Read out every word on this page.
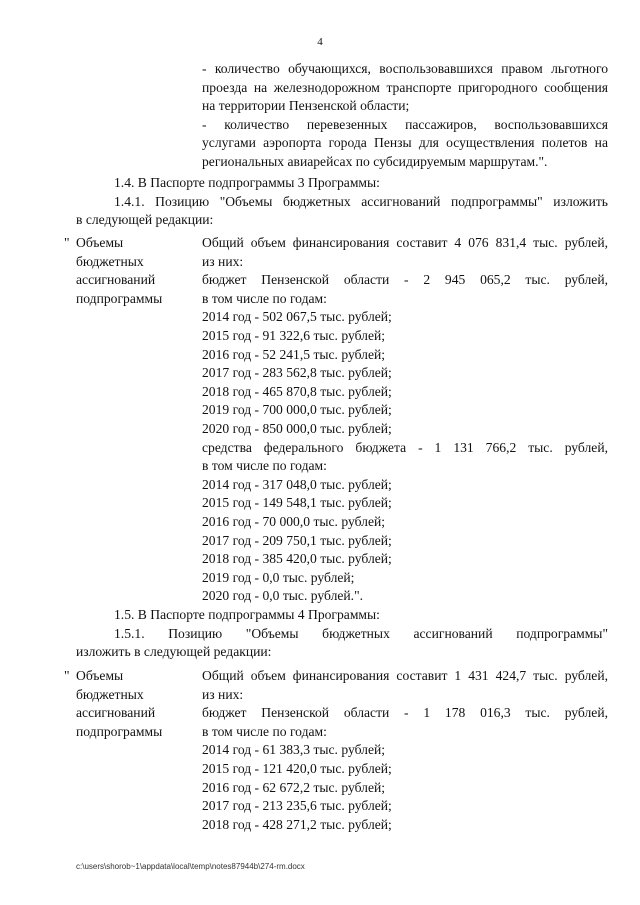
4

- количество обучающихся, воспользовавшихся правом льготного проезда на железнодорожном транспорте пригородного сообщения на территории Пензенской области;

- количество перевезенных пассажиров, воспользовавшихся услугами аэропорта города Пензы для осуществления полетов на региональных авиарейсах по субсидируемым маршрутам.".

1.4. В Паспорте подпрограммы 3 Программы:

1.4.1. Позицию "Объемы бюджетных ассигнований подпрограммы" изложить

в следующей редакции:

" Объемы
бюджетных
ассигнований
подпрограммы
Общий объем финансирования составит 4 076 831,4 тыс. рублей,
из них:
бюджет Пензенской области - 2 945 065,2 тыс. рублей,
в том числе по годам:
2014 год - 502 067,5 тыс. рублей;
2015 год - 91 322,6 тыс. рублей;
2016 год - 52 241,5 тыс. рублей;
2017 год - 283 562,8 тыс. рублей;
2018 год - 465 870,8 тыс. рублей;
2019 год - 700 000,0 тыс. рублей;
2020 год - 850 000,0 тыс. рублей;
средства федерального бюджета - 1 131 766,2 тыс. рублей,
в том числе по годам:
2014 год - 317 048,0 тыс. рублей;
2015 год - 149 548,1 тыс. рублей;
2016 год - 70 000,0 тыс. рублей;
2017 год - 209 750,1 тыс. рублей;
2018 год - 385 420,0 тыс. рублей;
2019 год - 0,0 тыс. рублей;
2020 год - 0,0 тыс. рублей.".

1.5. В Паспорте подпрограммы 4 Программы:

1.5.1. Позицию "Объемы бюджетных ассигнований подпрограммы"

изложить в следующей редакции:

" Объемы
бюджетных
ассигнований
подпрограммы
Общий объем финансирования составит 1 431 424,7 тыс. рублей,
из них:
бюджет Пензенской области - 1 178 016,3 тыс. рублей,
в том числе по годам:
2014 год - 61 383,3 тыс. рублей;
2015 год - 121 420,0 тыс. рублей;
2016 год - 62 672,2 тыс. рублей;
2017 год - 213 235,6 тыс. рублей;
2018 год - 428 271,2 тыс. рублей;
c:\users\shorob~1\appdata\local\temp\notes87944b\274-rm.docx
